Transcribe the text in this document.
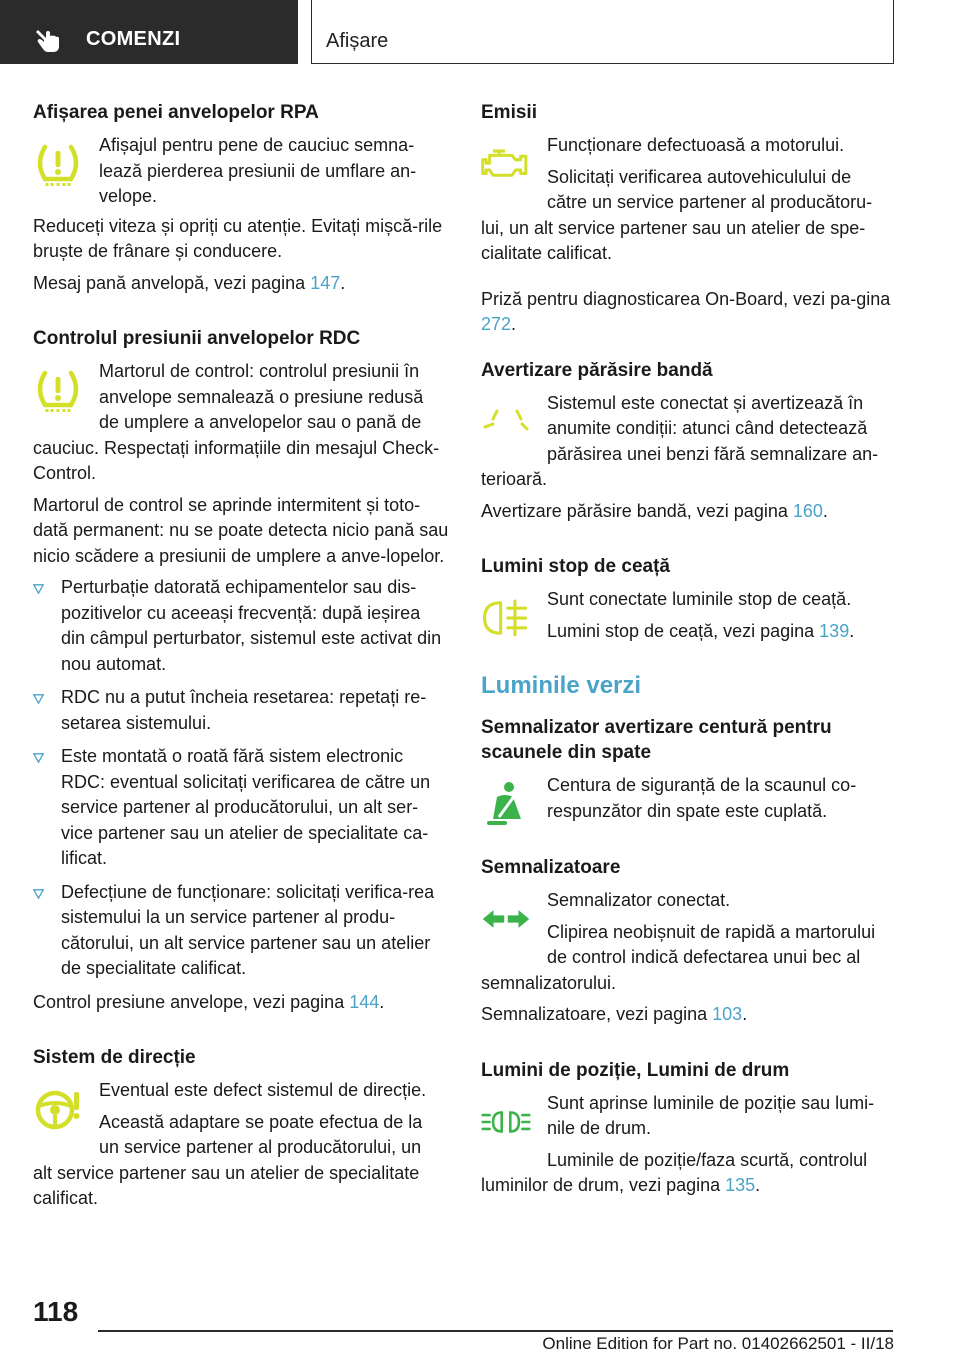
COMENZI	Afișare
Afișarea penei anvelopelor RPA
Afișajul pentru pene de cauciuc semna-
lează pierderea presiunii de umflare an-
velope.
Reduceți viteza și opriți cu atenție. Evitați mișcă-rile bruște de frânare și conducere.
Mesaj pană anvelopă, vezi pagina 147.
Controlul presiunii anvelopelor RDC
Martorul de control: controlul presiunii în
anvelope semnalează o presiune redusă
de umplere a anvelopelor sau o pană de
cauciuc. Respectați informațiile din mesajul Check-Control.
Martorul de control se aprinde intermitent și toto-dată permanent: nu se poate detecta nicio pană sau nicio scădere a presiunii de umplere a anve-lopelor.
Perturbație datorată echipamentelor sau dis-pozitivelor cu aceeași frecvență: după ieșirea din câmpul perturbator, sistemul este activat din nou automat.
RDC nu a putut încheia resetarea: repetați re-setarea sistemului.
Este montată o roată fără sistem electronic RDC: eventual solicitați verificarea de către un service partener al producătorului, un alt ser-vice partener sau un atelier de specialitate ca-lificat.
Defecțiune de funcționare: solicitați verifica-rea sistemului la un service partener al produ-cătorului, un alt service partener sau un atelier de specialitate calificat.
Control presiune anvelope, vezi pagina 144.
Sistem de direcție
Eventual este defect sistemul de direcție.
Această adaptare se poate efectua de la
un service partener al producătorului, un
alt service partener sau un atelier de specialitate calificat.
Emisii
Funcționare defectuoasă a motorului.
Solicitați verificarea autovehiculului de
către un service partener al producătoru-
lui, un alt service partener sau un atelier de spe-cialitate calificat.
Priză pentru diagnosticarea On-Board, vezi pa-gina 272.
Avertizare părăsire bandă
Sistemul este conectat și avertizează în
anumite condiții: atunci când detectează
părăsirea unei benzi fără semnalizare an-
terioară.
Avertizare părăsire bandă, vezi pagina 160.
Lumini stop de ceață
Sunt conectate luminile stop de ceață.
Lumini stop de ceață, vezi pagina 139.
Luminile verzi
Semnalizator avertizare centură pentru scaunele din spate
Centura de siguranță de la scaunul co-
respunzător din spate este cuplată.
Semnalizatoare
Semnalizator conectat.
Clipirea neobișnuit de rapidă a martorului
de control indică defectarea unui bec al
semnalizatorului.
Semnalizatoare, vezi pagina 103.
Lumini de poziție, Lumini de drum
Sunt aprinse luminile de poziție sau lumi-
nile de drum.
Luminile de poziție/faza scurtă, controlul
luminilor de drum, vezi pagina 135.
118
Online Edition for Part no. 01402662501 - II/18
